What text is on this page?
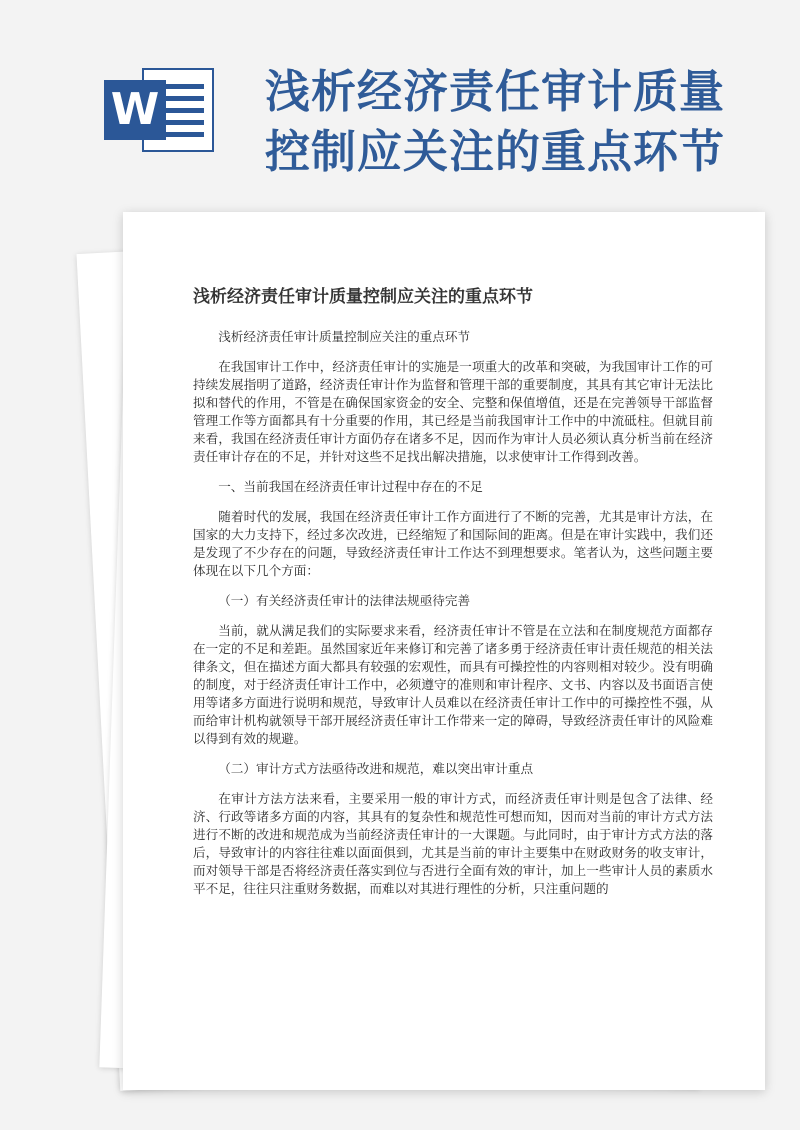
W 浅析经济责任审计质量
控制应关注的重点环节
浅析经济责任审计质量控制应关注的重点环节

浅析经济责任审计质量控制应关注的重点环节

在我国审计工作中，经济责任审计的实施是一项重大的改革和突破，为我国审计工作的可持续发展指明了道路，经济责任审计作为监督和管理干部的重要制度，其具有其它审计无法比拟和替代的作用，不管是在确保国家资金的安全、完整和保值增值，还是在完善领导干部监督管理工作等方面都具有十分重要的作用，其已经是当前我国审计工作中的中流砥柱。但就目前来看，我国在经济责任审计方面仍存在诸多不足，因而作为审计人员必须认真分析当前在经济责任审计存在的不足，并针对这些不足找出解决措施，以求使审计工作得到改善。

一、当前我国在经济责任审计过程中存在的不足

随着时代的发展，我国在经济责任审计工作方面进行了不断的完善，尤其是审计方法，在国家的大力支持下，经过多次改进，已经缩短了和国际间的距离。但是在审计实践中，我们还是发现了不少存在的问题，导致经济责任审计工作达不到理想要求。笔者认为，这些问题主要体现在以下几个方面：

（一）有关经济责任审计的法律法规亟待完善

当前，就从满足我们的实际要求来看，经济责任审计不管是在立法和在制度规范方面都存在一定的不足和差距。虽然国家近年来修订和完善了诸多勇于经济责任审计责任规范的相关法律条文，但在描述方面大都具有较强的宏观性，而具有可操控性的内容则相对较少。没有明确的制度，对于经济责任审计工作中，必须遵守的准则和审计程序、文书、内容以及书面语言使用等诸多方面进行说明和规范，导致审计人员难以在经济责任审计工作中的可操控性不强，从而给审计机构就领导干部开展经济责任审计工作带来一定的障碍，导致经济责任审计的风险难以得到有效的规避。

（二）审计方式方法亟待改进和规范，难以突出审计重点

在审计方法方法来看，主要采用一般的审计方式，而经济责任审计则是包含了法律、经济、行政等诸多方面的内容，其具有的复杂性和规范性可想而知，因而对当前的审计方式方法进行不断的改进和规范成为当前经济责任审计的一大课题。与此同时，由于审计方式方法的落后，导致审计的内容往往难以面面俱到，尤其是当前的审计主要集中在财政财务的收支审计，而对领导干部是否将经济责任落实到位与否进行全面有效的审计，加上一些审计人员的素质水平不足，往往只注重财务数据，而难以对其进行理性的分析，只注重问题的
